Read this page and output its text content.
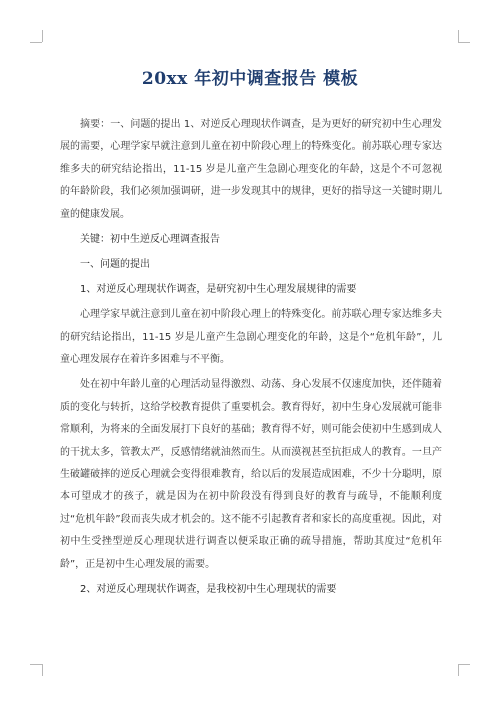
20xx 年初中调查报告 模板

摘要：一、问题的提出 1、对逆反心理现状作调查，是为更好的研究初中生心理发展的需要，心理学家早就注意到儿童在初中阶段心理上的特殊变化。前苏联心理专家达维多夫的研究结论指出，11-15 岁是儿童产生急剧心理变化的年龄，这是个不可忽视的年龄阶段，我们必须加强调研，进一步发现其中的规律，更好的指导这一关键时期儿童的健康发展。

关键：初中生逆反心理调查报告

一、问题的提出

1、对逆反心理现状作调查，是研究初中生心理发展规律的需要

心理学家早就注意到儿童在初中阶段心理上的特殊变化。前苏联心理专家达维多夫的研究结论指出，11-15 岁是儿童产生急剧心理变化的年龄，这是个“危机年龄”，儿童心理发展存在着许多困难与不平衡。

处在初中年龄儿童的心理活动显得激烈、动荡、身心发展不仅速度加快，还伴随着质的变化与转折，这给学校教育提供了重要机会。教育得好，初中生身心发展就可能非常顺利，为将来的全面发展打下良好的基础；教育得不好，则可能会使初中生感到成人的干扰太多，管教太严，反感情绪就油然而生。从而漠视甚至抗拒成人的教育。一旦产生破罐破摔的逆反心理就会变得很难教育，给以后的发展造成困难，不少十分聪明，原本可望成才的孩子，就是因为在初中阶段没有得到良好的教育与疏导，不能顺利度过“危机年龄”段而丧失成才机会的。这不能不引起教育者和家长的高度重视。因此，对初中生受挫型逆反心理现状进行调查以便采取正确的疏导措施，帮助其度过“危机年龄”，正是初中生心理发展的需要。

2、对逆反心理现状作调查，是我校初中生心理现状的需要
